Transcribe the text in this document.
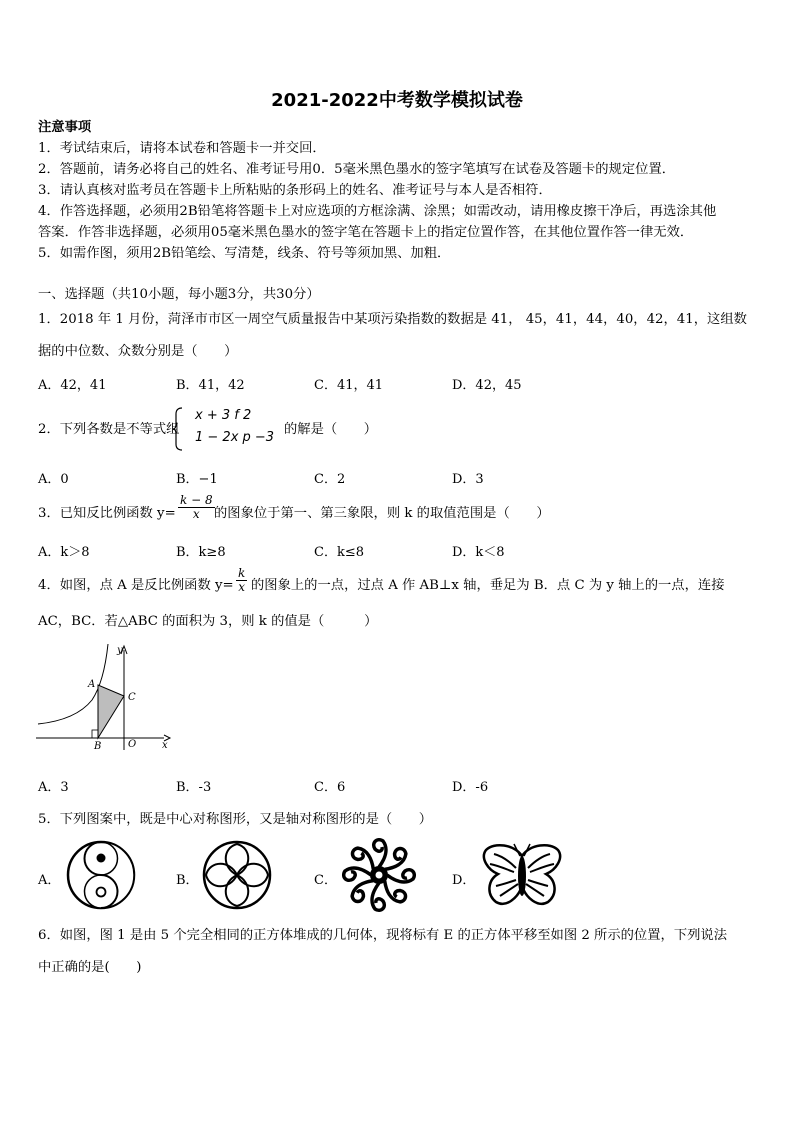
2021-2022中考数学模拟试卷
注意事项
1．考试结束后，请将本试卷和答题卡一并交回．
2．答题前，请务必将自己的姓名、准考证号用0．5毫米黑色墨水的签字笔填写在试卷及答题卡的规定位置．
3．请认真核对监考员在答题卡上所粘贴的条形码上的姓名、准考证号与本人是否相符．
4．作答选择题，必须用2B铅笔将答题卡上对应选项的方框涂满、涂黑；如需改动，请用橡皮擦干净后，再选涂其他
答案．作答非选择题，必须用05毫米黑色墨水的签字笔在答题卡上的指定位置作答，在其他位置作答一律无效．
5．如需作图，须用2B铅笔绘、写清楚，线条、符号等须加黑、加粗．
一、选择题（共10小题，每小题3分，共30分）
1．2018 年 1 月份，菏泽市市区一周空气质量报告中某项污染指数的数据是 41， 45，41，44，40，42，41，这组数
据的中位数、众数分别是（　　）
A．42，41	B．41，42	C．41，41	D．42，45
2．下列各数是不等式组
x + 3 f 2
1 − 2x p −3
的解是（　　）
A．0	B．−1	C．2	D．3
3．已知反比例函数 $y= \frac{k - 8}{x}$ 的图象位于第一、第三象限，则 k 的取值范围是（　　）
A．k＞8	B．k≥8	C．k≤8	D．k＜8
4．如图，点 A 是反比例函数 $y= \frac{k}{x}$ 的图象上的一点，过点 A 作 AB⊥x 轴，垂足为 B．点 C 为 y 轴上的一点，连接
AC，BC．若△ABC 的面积为 3，则 k 的值是（　　　）
y
x
A
B
C
O
A．3	B．-3	C．6	D．-6
5．下列图案中，既是中心对称图形，又是轴对称图形的是（　　）
A．	B．	C．	D．
6．如图，图 1 是由 5 个完全相同的正方体堆成的几何体，现将标有 E 的正方体平移至如图 2 所示的位置，下列说法
中正确的是(　　)
